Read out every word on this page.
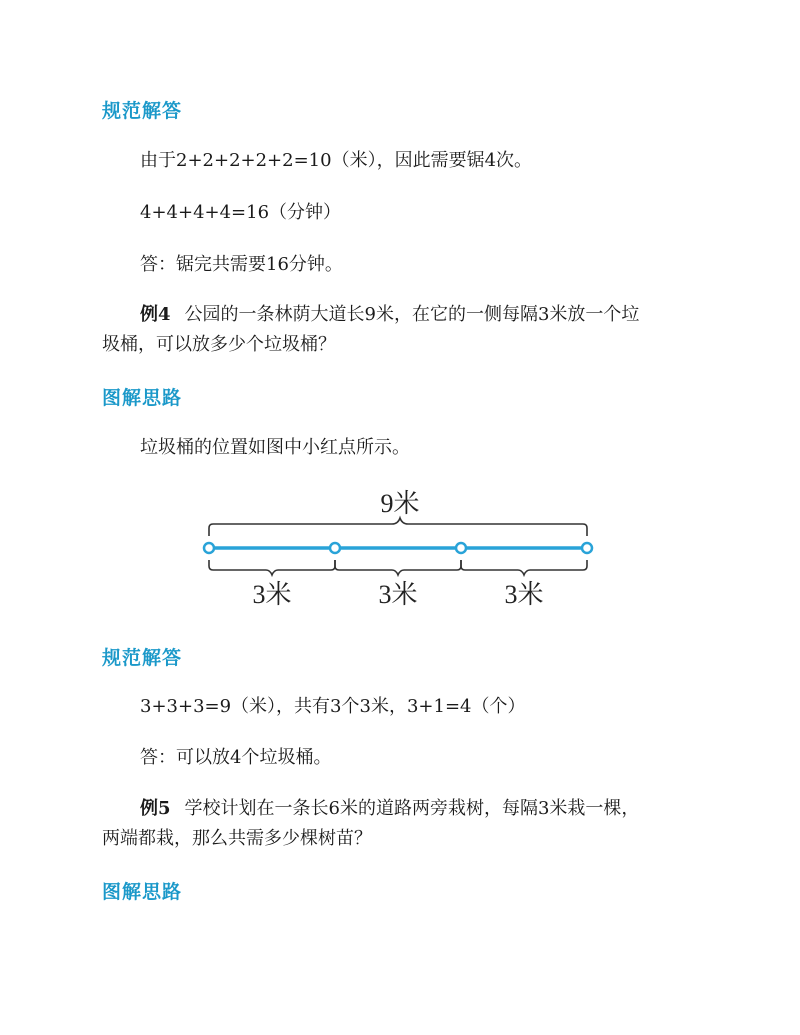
规范解答
由于2+2+2+2+2=10（米），因此需要锯4次。
4+4+4+4=16（分钟）
答：锯完共需要16分钟。
例4 公园的一条林荫大道长9米，在它的一侧每隔3米放一个垃
圾桶，可以放多少个垃圾桶？
图解思路
垃圾桶的位置如图中小红点所示。
9米
3米	3米	3米
规范解答
3+3+3=9（米），共有3个3米，3+1=4（个）
答：可以放4个垃圾桶。
例5 学校计划在一条长6米的道路两旁栽树，每隔3米栽一棵，
两端都栽，那么共需多少棵树苗？
图解思路
